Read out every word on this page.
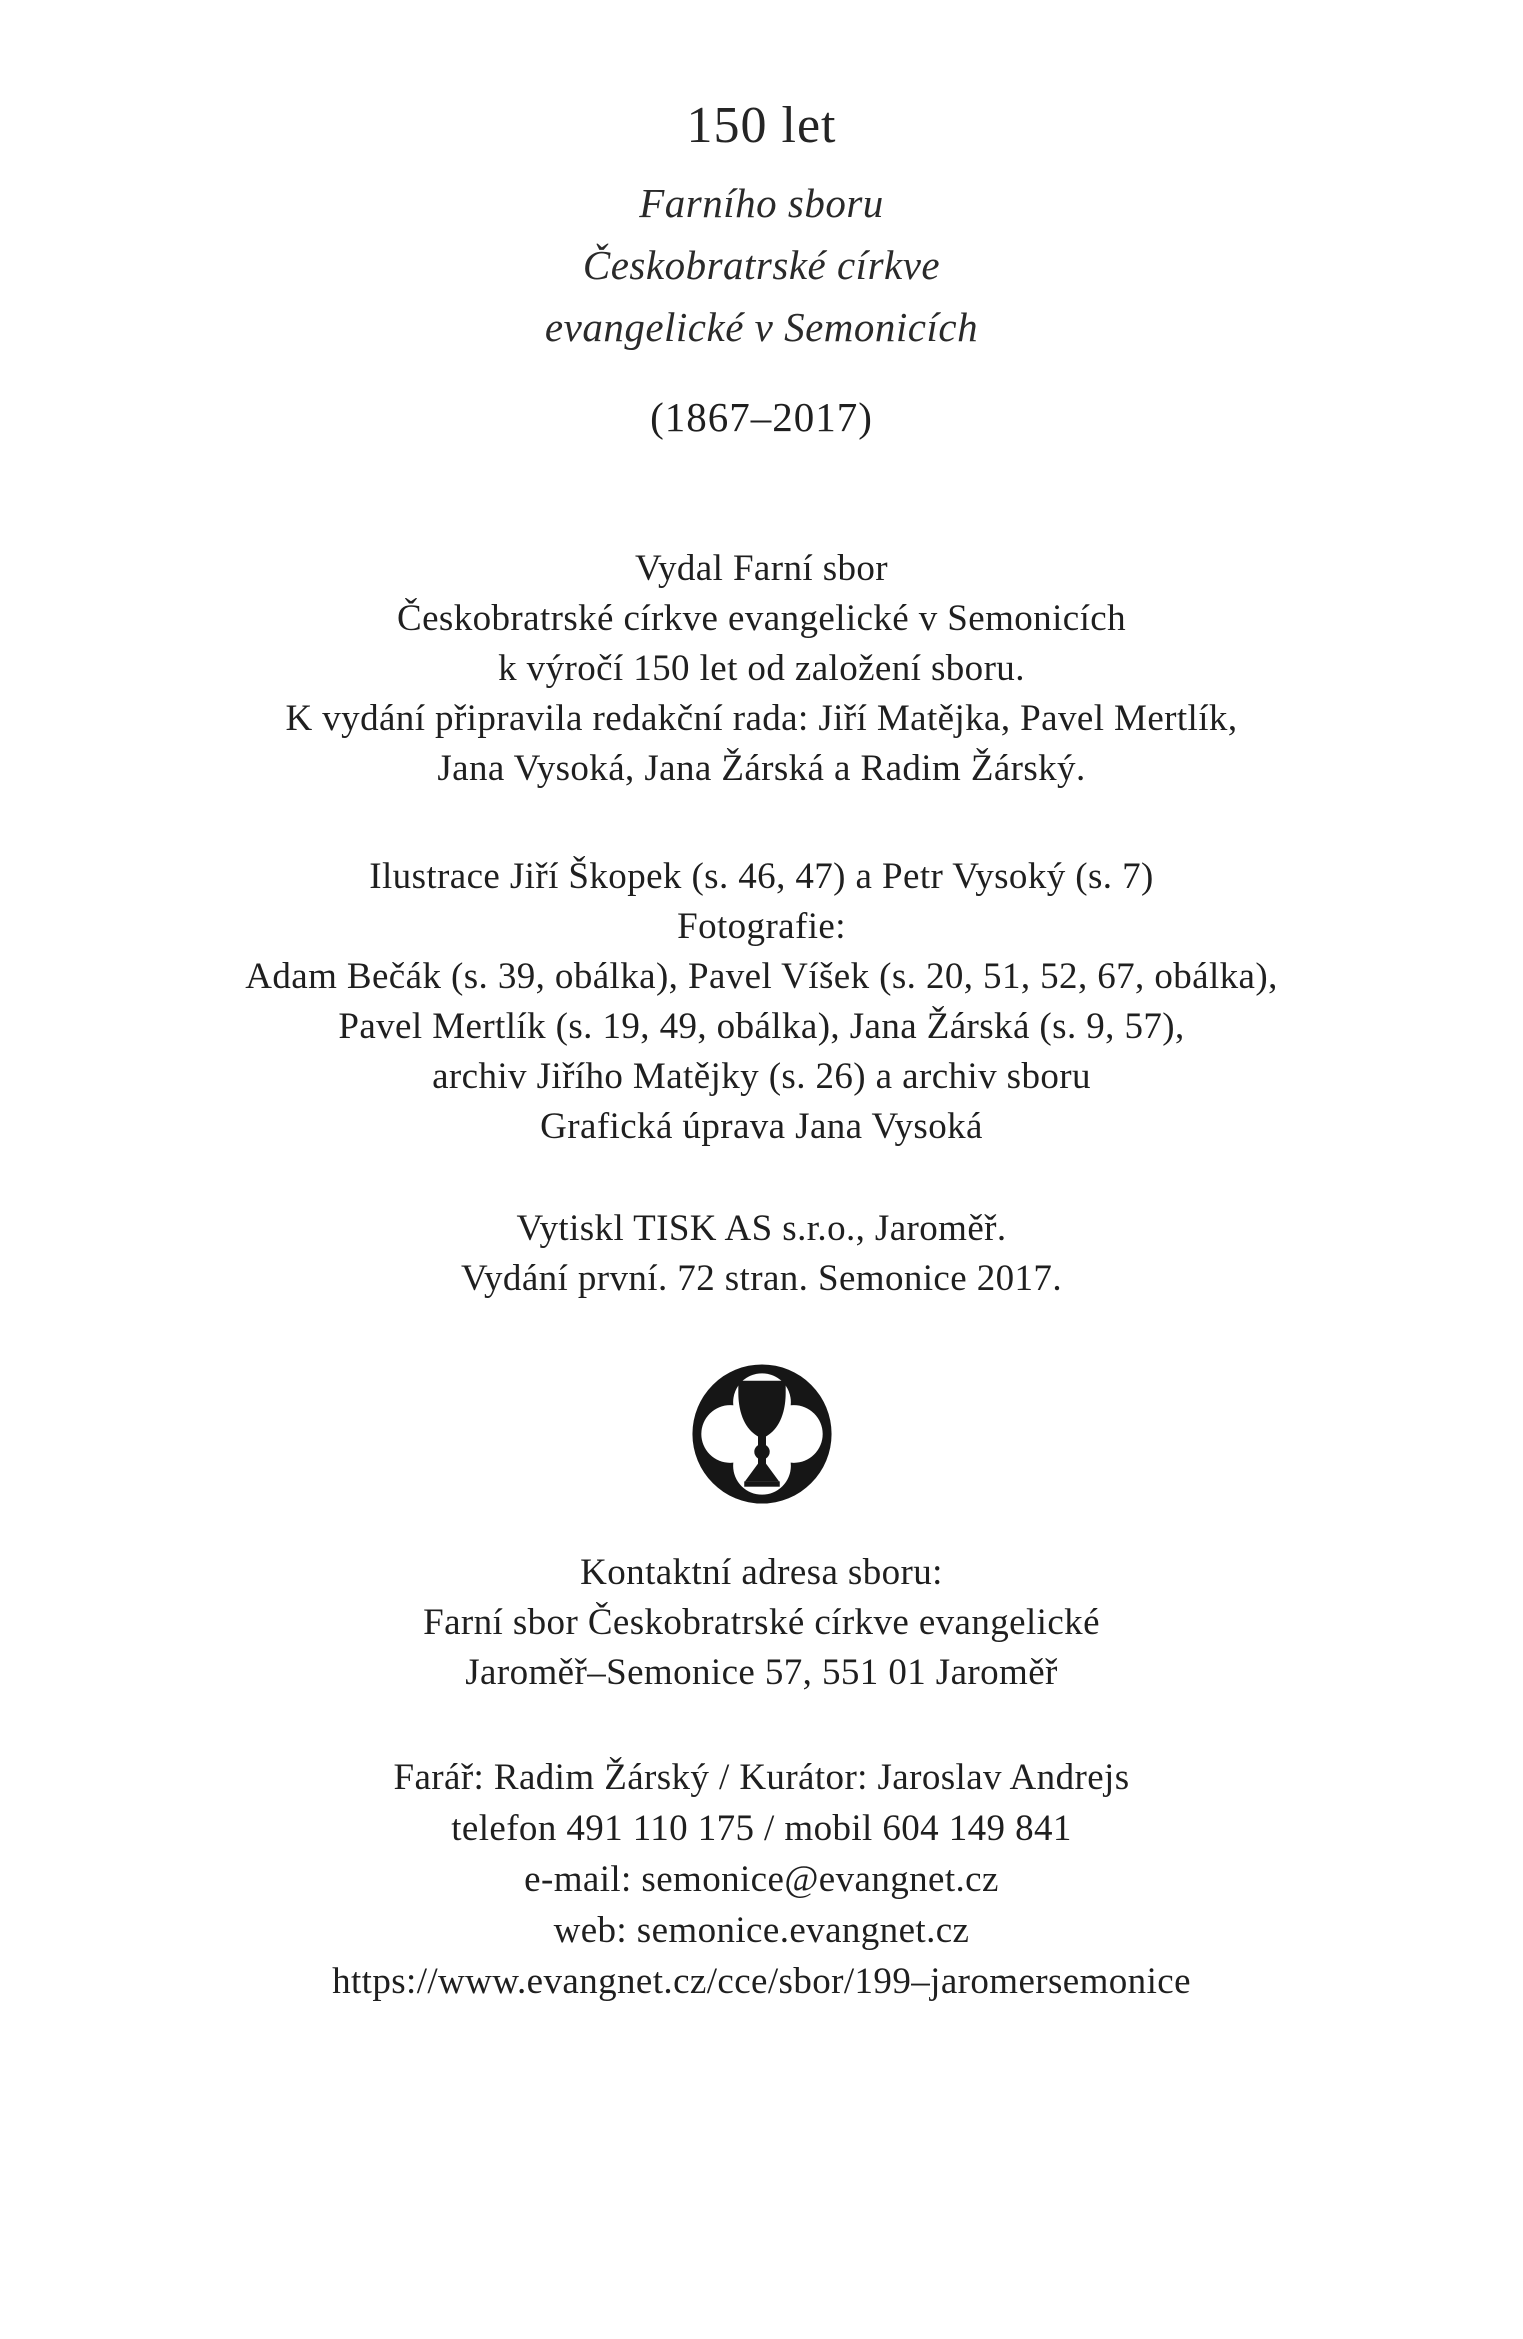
150 let
Farního sboru
Českobratrské církve
evangelické v Semonicích
(1867–2017)
Vydal Farní sbor
Českobratrské církve evangelické v Semonicích
k výročí 150 let od založení sboru.
K vydání připravila redakční rada: Jiří Matějka, Pavel Mertlík,
Jana Vysoká, Jana Žárská a Radim Žárský.
Ilustrace Jiří Škopek (s. 46, 47) a Petr Vysoký (s. 7)
Fotografie:
Adam Bečák (s. 39, obálka), Pavel Víšek (s. 20, 51, 52, 67, obálka),
Pavel Mertlík (s. 19, 49, obálka), Jana Žárská (s. 9, 57),
archiv Jiřího Matějky (s. 26) a archiv sboru
Grafická úprava Jana Vysoká
Vytiskl TISK AS s.r.o., Jaroměř.
Vydání první. 72 stran. Semonice 2017.
Kontaktní adresa sboru:
Farní sbor Českobratrské církve evangelické
Jaroměř–Semonice 57, 551 01 Jaroměř
Farář: Radim Žárský / Kurátor: Jaroslav Andrejs
telefon 491 110 175 / mobil 604 149 841
e-mail: semonice@evangnet.cz
web: semonice.evangnet.cz
https://www.evangnet.cz/cce/sbor/199–jaromersemonice
